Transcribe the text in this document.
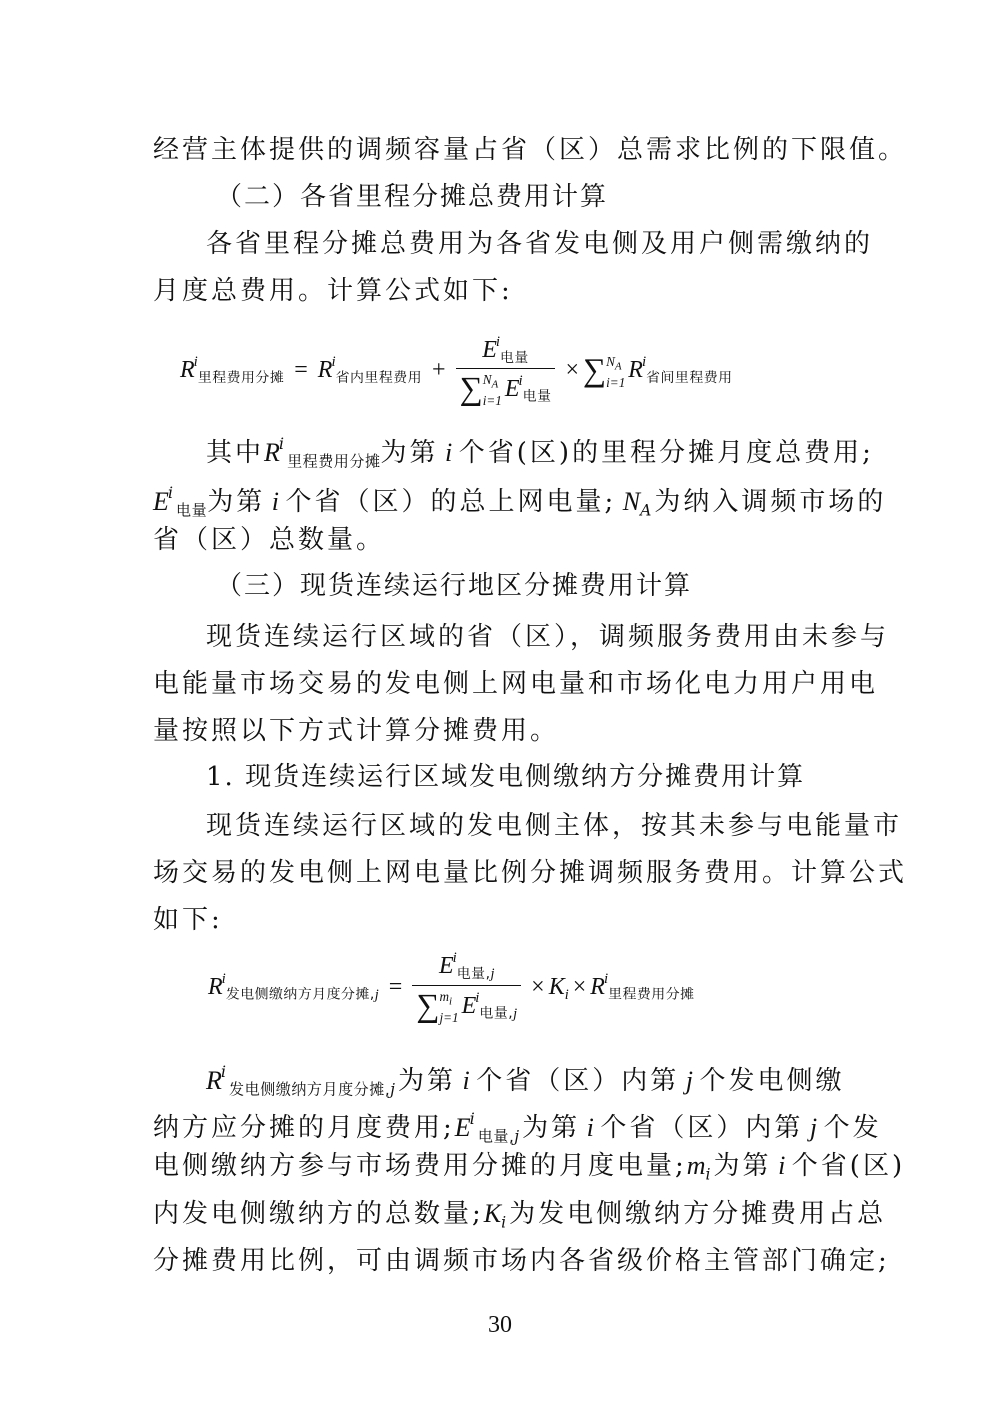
经营主体提供的调频容量占省（区）总需求比例的下限值。
（二）各省里程分摊总费用计算
各省里程分摊总费用为各省发电侧及用户侧需缴纳的
月度总费用。计算公式如下:
$R^i_{里程费用分摊} = R^i_{省内里程费用}$ +
$E^i_{电量}$
$\sum N_A$
i=1 $E^i_{电量}$
× $\sum N_A$
i=1 $R^i_{省间里程费用}$
其中$R^i_{里程费用分摊}$为第 i 个省(区)的里程分摊月度总费用;
$E^i_{电量}$为第 i 个省（区）的总上网电量; $N_A$为纳入调频市场的
省（区）总数量。
（三）现货连续运行地区分摊费用计算
现货连续运行区域的省（区），调频服务费用由未参与
电能量市场交易的发电侧上网电量和市场化电力用户用电
量按照以下方式计算分摊费用。
1. 现货连续运行区域发电侧缴纳方分摊费用计算
现货连续运行区域的发电侧主体，按其未参与电能量市
场交易的发电侧上网电量比例分摊调频服务费用。计算公式
如下:
$R^i_{发电侧缴纳方月度分摊,j}$ =
$E^i_{电量,j}$
$\sum m_i$
j=1 $E^i_{电量,j}$
× $K_i \times R^i_{里程费用分摊}$
$R^i_{发电侧缴纳方月度分摊,j}$为第 i 个省（区）内第 j 个发电侧缴
纳方应分摊的月度费用$;E^i_{电量,j}$为第 i 个省（区）内第 j 个发
电侧缴纳方参与市场费用分摊的月度电量$;m_i$为第 i 个省(区)
内发电侧缴纳方的总数量$;K_i$为发电侧缴纳方分摊费用占总
分摊费用比例，可由调频市场内各省级价格主管部门确定;
30
